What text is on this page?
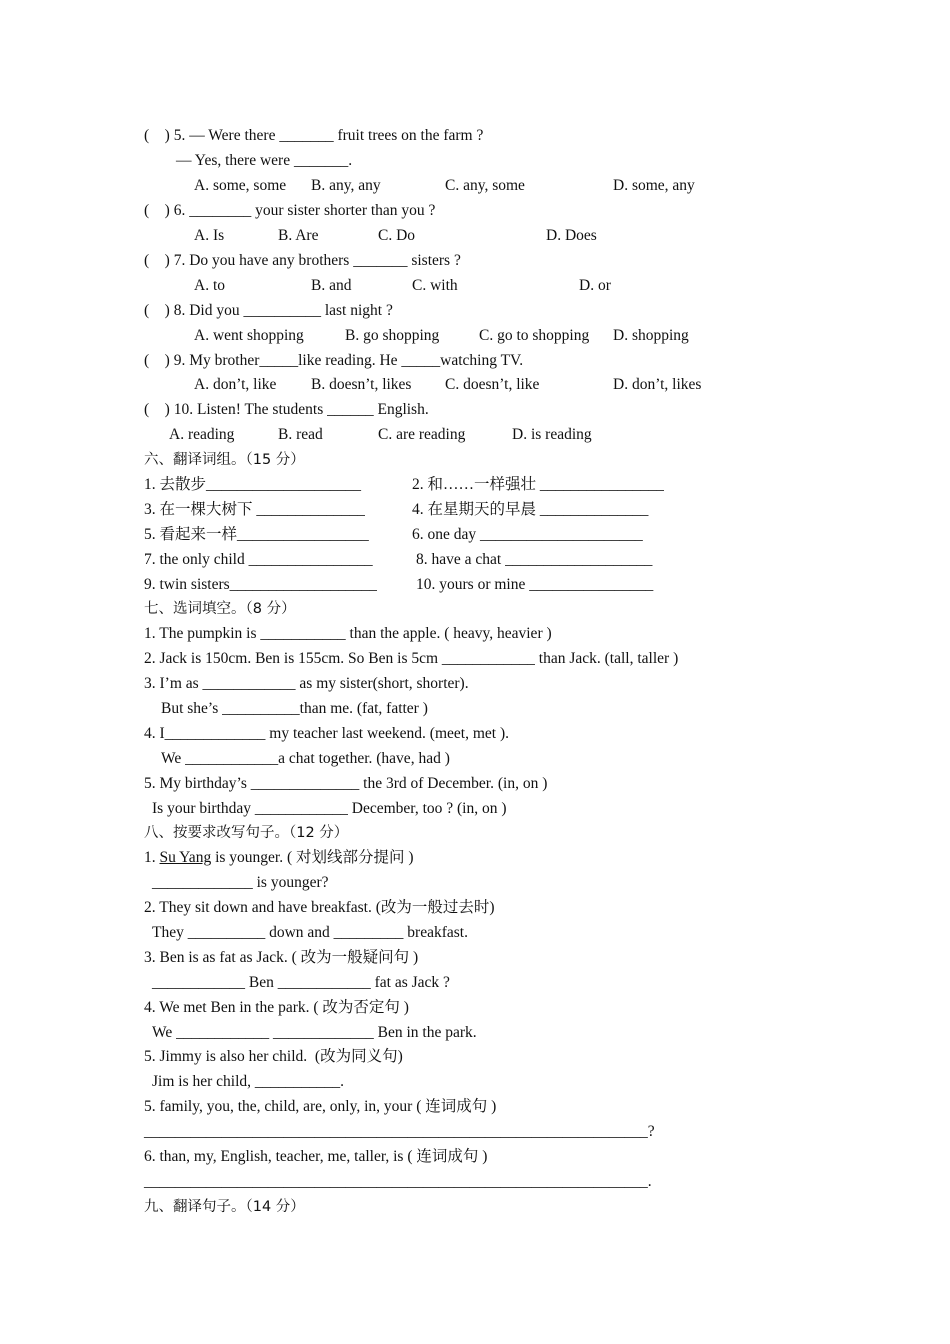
(    ) 5. — Were there _______ fruit trees on the farm ?
— Yes, there were _______.
A. some, some B. any, any	C. any, some	D. some, any
(    ) 6. ________ your sister shorter than you ?
A. Is	B. Are	C. Do	D. Does
(    ) 7. Do you have any brothers _______ sisters ?
A. to	B. and	C. with	D. or
(    ) 8. Did you __________ last night ?
A. went shopping	B. go shopping	C. go to shopping D. shopping
(    ) 9. My brother_____like reading. He _____watching TV.
A. don’t, like B. doesn’t, likes C. doesn’t, like	D. don’t, likes
(    ) 10. Listen! The students ______ English.
A. reading	B. read	C. are reading	D. is reading
六、翻译词组。（15 分）
1. 去散步____________________	2. 和……一样强壮 ________________
3. 在一棵大树下 ______________	4. 在星期天的早晨 ______________
5. 看起来一样_________________	6. one day _____________________
7. the only child ________________	8. have a chat ___________________
9. twin sisters___________________	10. yours or mine ________________
七、选词填空。（8 分）
1. The pumpkin is ___________ than the apple. ( heavy, heavier )
2. Jack is 150cm. Ben is 155cm. So Ben is 5cm ____________ than Jack. (tall, taller )
3. I’m as ____________ as my sister(short, shorter).
But she’s __________than me. (fat, fatter )
4. I_____________ my teacher last weekend. (meet, met ).
We ____________a chat together. (have, had )
5. My birthday’s ______________ the 3rd of December. (in, on )
Is your birthday ____________ December, too ? (in, on )
八、按要求改写句子。（12 分）
1. Su Yang is younger. ( 对划线部分提问 )
_____________ is younger?
2. They sit down and have breakfast. (改为一般过去时)
They __________ down and _________ breakfast.
3. Ben is as fat as Jack. ( 改为一般疑问句 )
____________ Ben ____________ fat as Jack ?
4. We met Ben in the park. ( 改为否定句 )
We ____________ _____________ Ben in the park.
5. Jimmy is also her child.  (改为同义句)
Jim is her child, ___________.
5. family, you, the, child, are, only, in, your ( 连词成句 )
_________________________________________________________________?
6. than, my, English, teacher, me, taller, is ( 连词成句 )
_________________________________________________________________.
九、翻译句子。（14 分）
